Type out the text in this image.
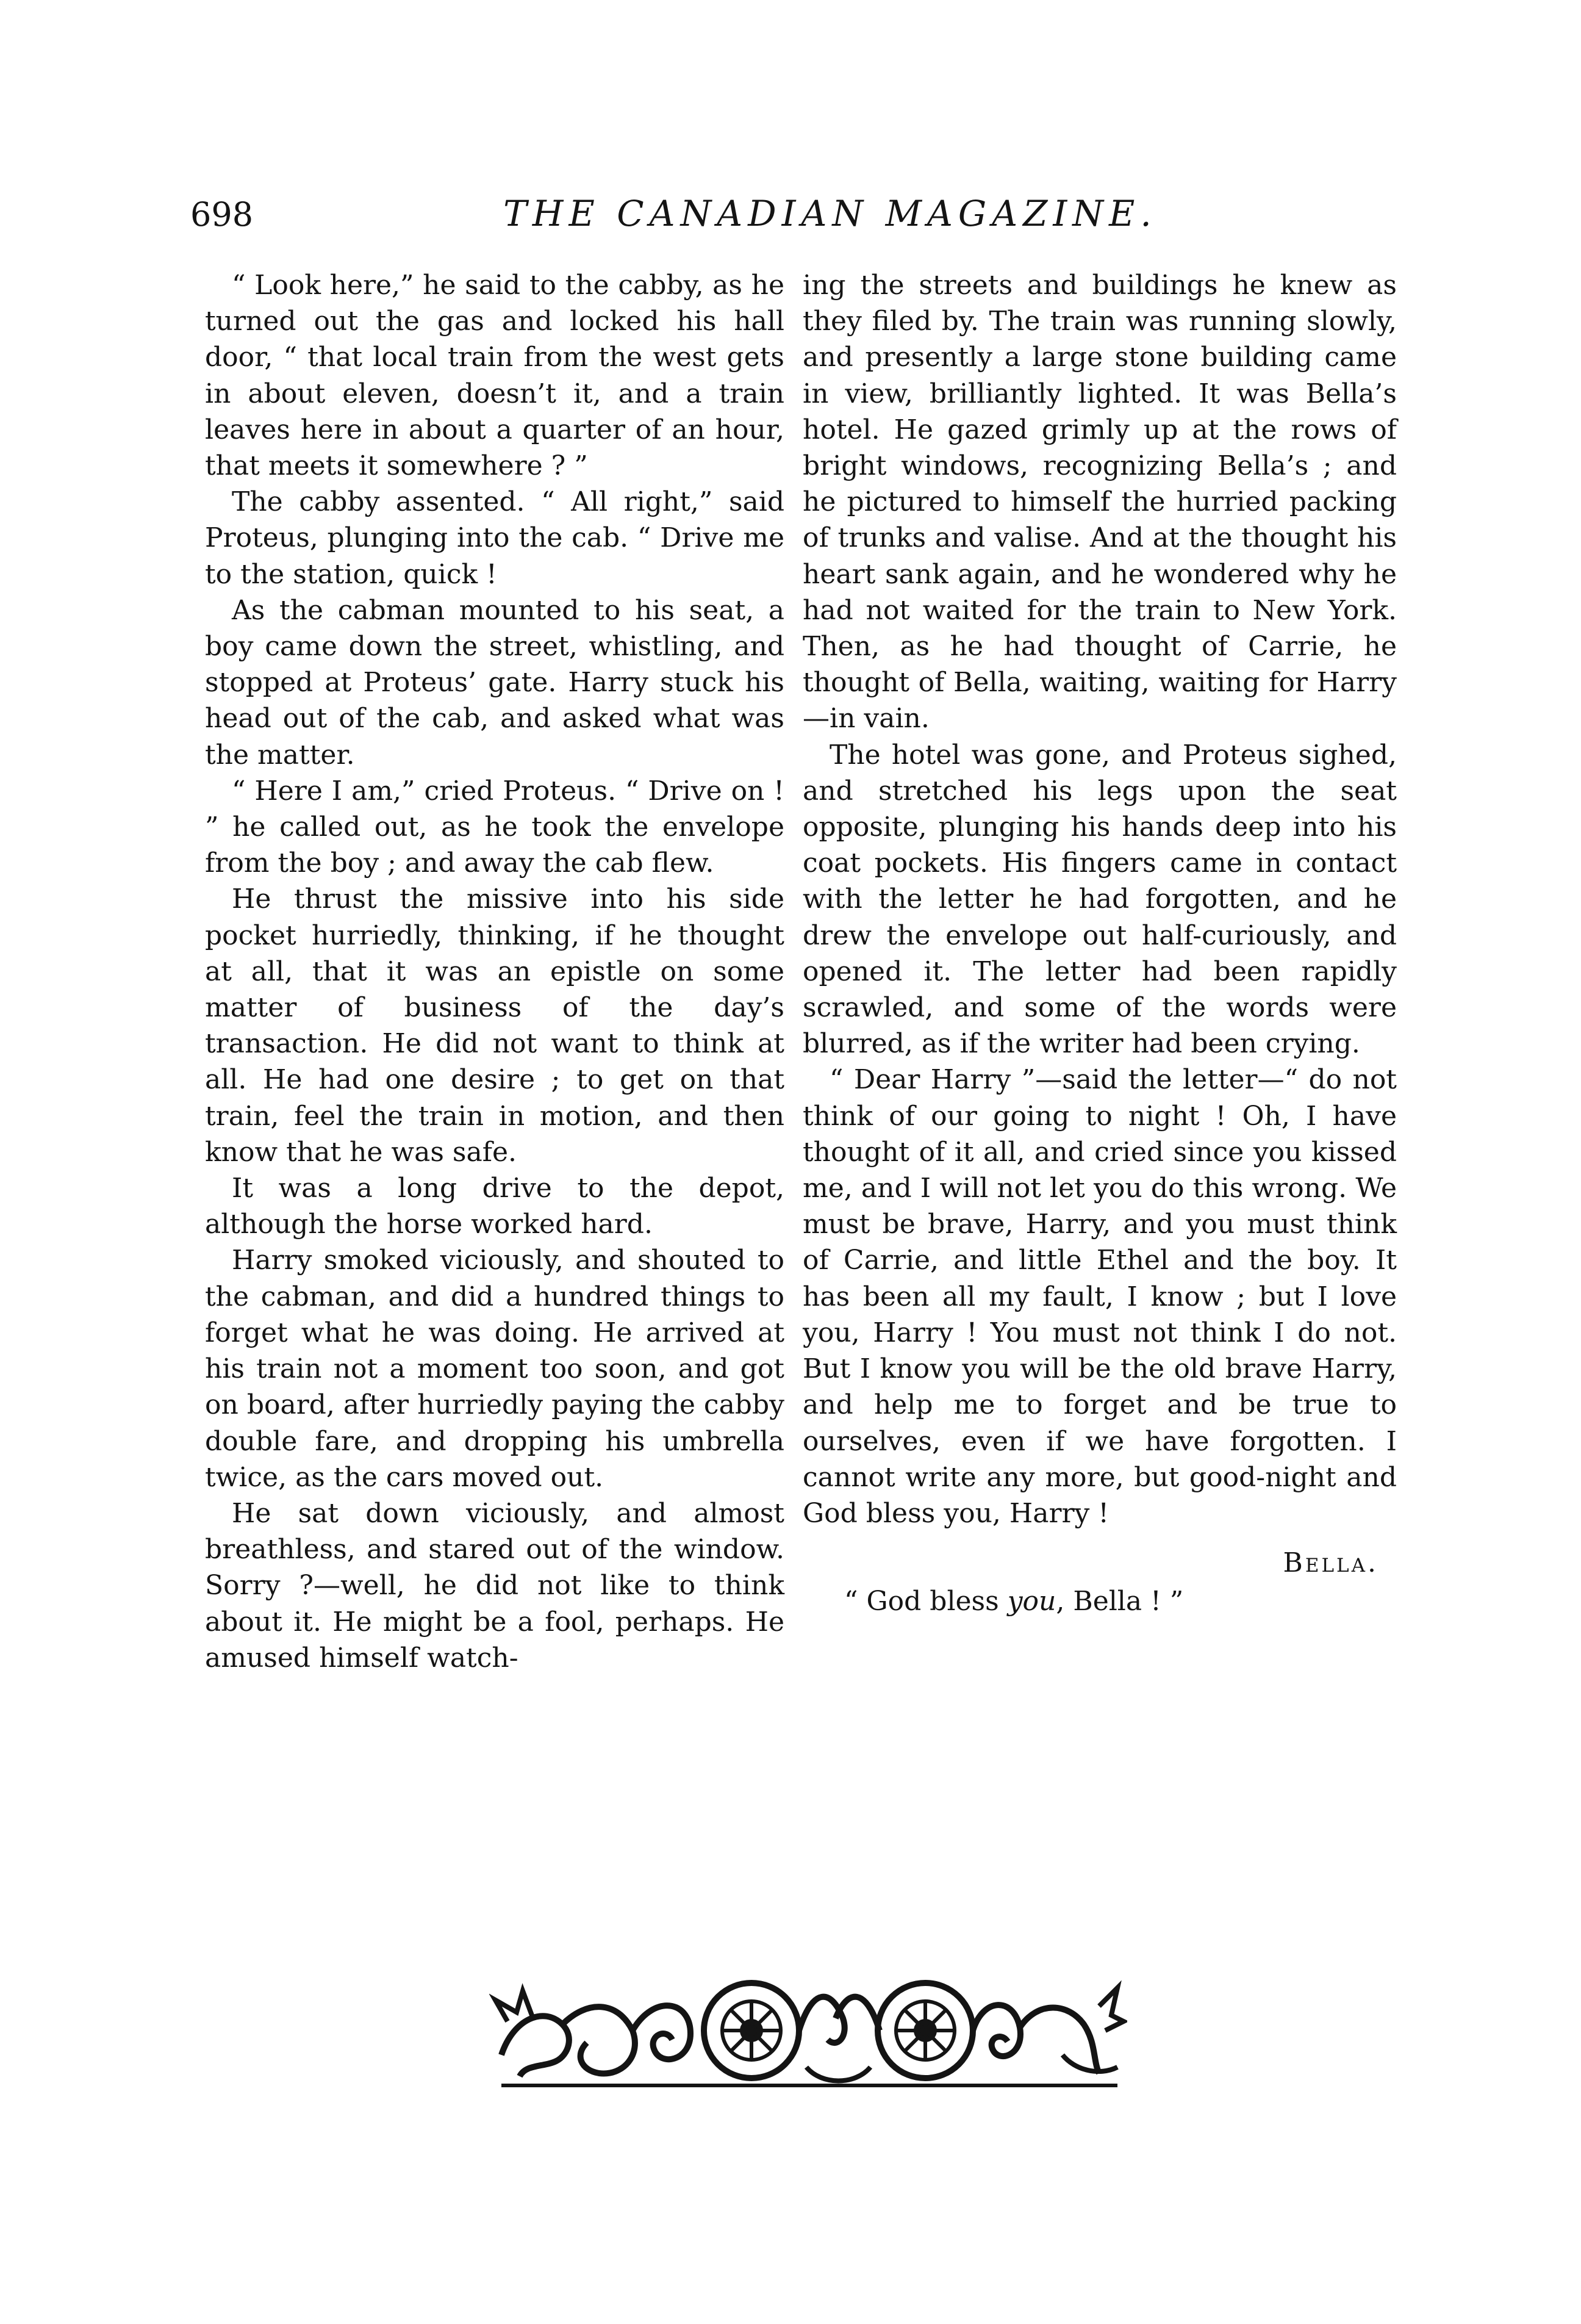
698	THE CANADIAN MAGAZINE.

“ Look here,” he said to the cabby, as he turned out the gas and locked his hall door, “ that local train from the west gets in about eleven, doesn’t it, and a train leaves here in about a quarter of an hour, that meets it somewhere ? ”

The cabby assented. “ All right,” said Proteus, plunging into the cab. “ Drive me to the station, quick !

As the cabman mounted to his seat, a boy came down the street, whistling, and stopped at Proteus’ gate. Harry stuck his head out of the cab, and asked what was the matter.

“ Here I am,” cried Proteus. “ Drive on ! ” he called out, as he took the envelope from the boy ; and away the cab flew.

He thrust the missive into his side pocket hurriedly, thinking, if he thought at all, that it was an epistle on some matter of business of the day’s transaction. He did not want to think at all. He had one desire ; to get on that train, feel the train in motion, and then know that he was safe.

It was a long drive to the depot, although the horse worked hard.

Harry smoked viciously, and shouted to the cabman, and did a hundred things to forget what he was doing. He arrived at his train not a moment too soon, and got on board, after hurriedly paying the cabby double fare, and dropping his umbrella twice, as the cars moved out.

He sat down viciously, and almost breathless, and stared out of the window. Sorry ?—well, he did not like to think about it. He might be a fool, perhaps. He amused himself watch-

ing the streets and buildings he knew as they filed by. The train was running slowly, and presently a large stone building came in view, brilliantly lighted. It was Bella’s hotel. He gazed grimly up at the rows of bright windows, recognizing Bella’s ; and he pictured to himself the hurried packing of trunks and valise. And at the thought his heart sank again, and he wondered why he had not waited for the train to New York. Then, as he had thought of Carrie, he thought of Bella, waiting, waiting for Harry—in vain.

The hotel was gone, and Proteus sighed, and stretched his legs upon the seat opposite, plunging his hands deep into his coat pockets. His fingers came in contact with the letter he had forgotten, and he drew the envelope out half-curiously, and opened it. The letter had been rapidly scrawled, and some of the words were blurred, as if the writer had been crying.

“ Dear Harry ”—said the letter—“ do not think of our going to night ! Oh, I have thought of it all, and cried since you kissed me, and I will not let you do this wrong. We must be brave, Harry, and you must think of Carrie, and little Ethel and the boy. It has been all my fault, I know ; but I love you, Harry ! You must not think I do not. But I know you will be the old brave Harry, and help me to forget and be true to ourselves, even if we have forgotten. I cannot write any more, but good-night and God bless you, Harry !

Bella.

“ God bless you, Bella ! ”
